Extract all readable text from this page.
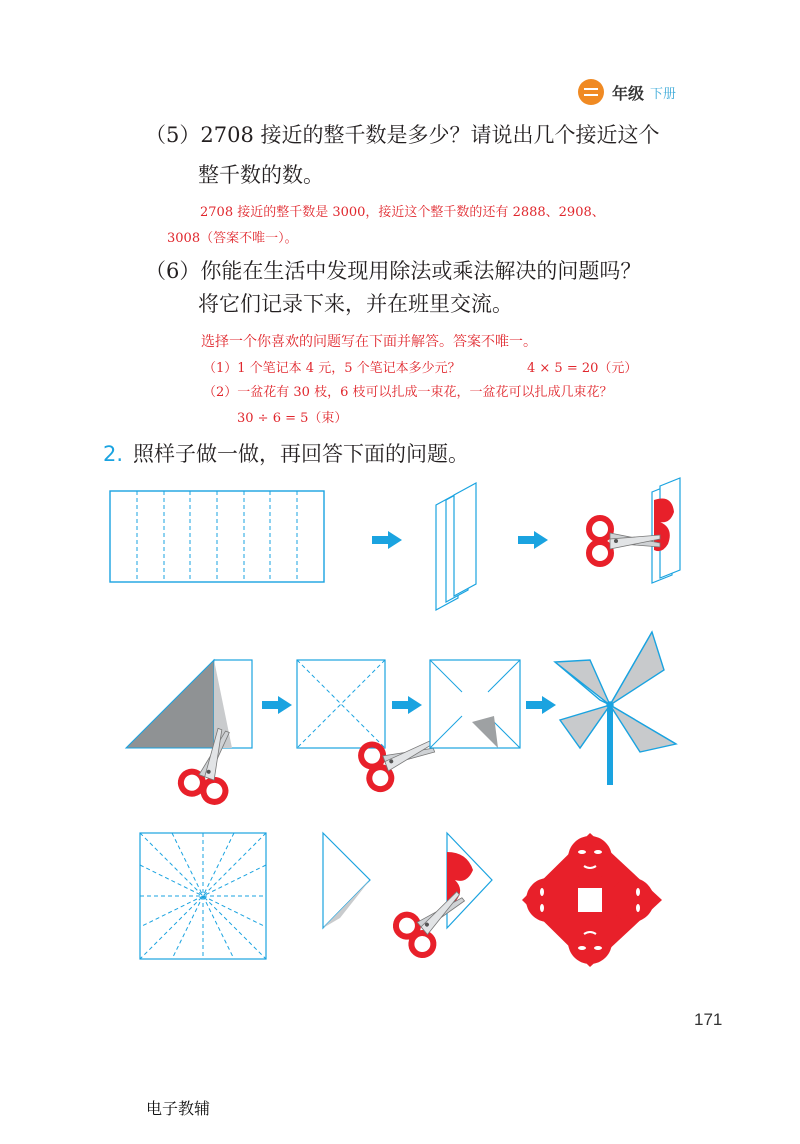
年级 下册
（5）2708 接近的整千数是多少？请说出几个接近这个
整千数的数。
2708 接近的整千数是 3000，接近这个整千数的还有 2888、2908、
3008（答案不唯一）。
（6）你能在生活中发现用除法或乘法解决的问题吗？
将它们记录下来，并在班里交流。
选择一个你喜欢的问题写在下面并解答。答案不唯一。
（1）1 个笔记本 4 元，5 个笔记本多少元？	4 × 5 = 20（元）
（2）一盆花有 30 枝，6 枝可以扎成一束花，一盆花可以扎成几束花？
30 ÷ 6 = 5（束）
2. 照样子做一做，再回答下面的问题。
171
电子教辅
